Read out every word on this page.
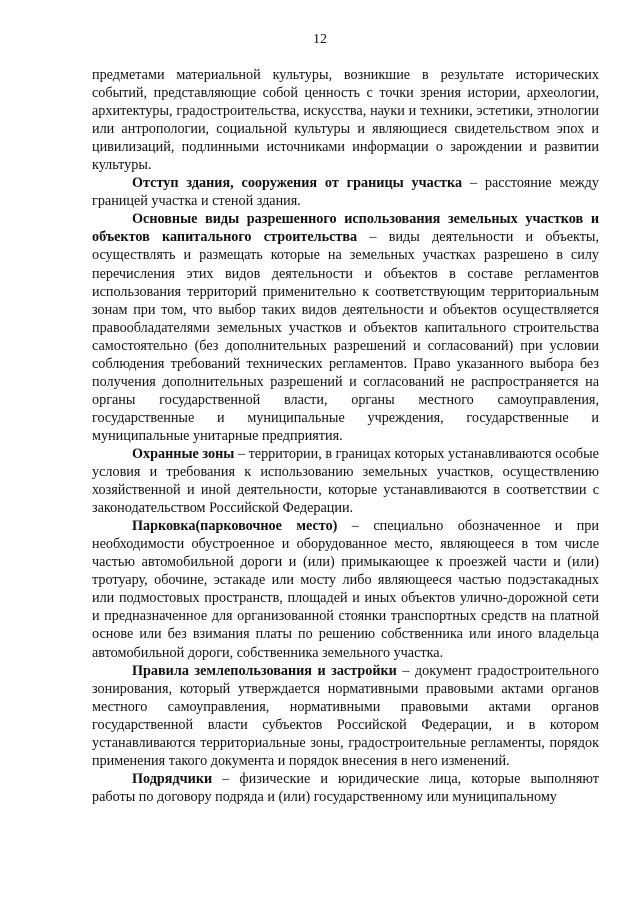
12

предметами материальной культуры, возникшие в результате исторических событий, представляющие собой ценность с точки зрения истории, археологии, архитектуры, градостроительства, искусства, науки и техники, эстетики, этнологии или антропологии, социальной культуры и являющиеся свидетельством эпох и цивилизаций, подлинными источниками информации о зарождении и развитии культуры.

Отступ здания, сооружения от границы участка – расстояние между границей участка и стеной здания.

Основные виды разрешенного использования земельных участков и объектов капитального строительства – виды деятельности и объекты, осуществлять и размещать которые на земельных участках разрешено в силу перечисления этих видов деятельности и объектов в составе регламентов использования территорий применительно к соответствующим территориальным зонам при том, что выбор таких видов деятельности и объектов осуществляется правообладателями земельных участков и объектов капитального строительства самостоятельно (без дополнительных разрешений и согласований) при условии соблюдения требований технических регламентов. Право указанного выбора без получения дополнительных разрешений и согласований не распространяется на органы государственной власти, органы местного самоуправления, государственные и муниципальные учреждения, государственные и муниципальные унитарные предприятия.

Охранные зоны – территории, в границах которых устанавливаются особые условия и требования к использованию земельных участков, осуществлению хозяйственной и иной деятельности, которые устанавливаются в соответствии с законодательством Российской Федерации.

Парковка(парковочное место) – специально обозначенное и при необходимости обустроенное и оборудованное место, являющееся в том числе частью автомобильной дороги и (или) примыкающее к проезжей части и (или) тротуару, обочине, эстакаде или мосту либо являющееся частью подэстакадных или подмостовых пространств, площадей и иных объектов улично-дорожной сети и предназначенное для организованной стоянки транспортных средств на платной основе или без взимания платы по решению собственника или иного владельца автомобильной дороги, собственника земельного участка.

Правила землепользования и застройки – документ градостроительного зонирования, который утверждается нормативными правовыми актами органов местного самоуправления, нормативными правовыми актами органов государственной власти субъектов Российской Федерации, и в котором устанавливаются территориальные зоны, градостроительные регламенты, порядок применения такого документа и порядок внесения в него изменений.

Подрядчики – физические и юридические лица, которые выполняют работы по договору подряда и (или) государственному или муниципальному
